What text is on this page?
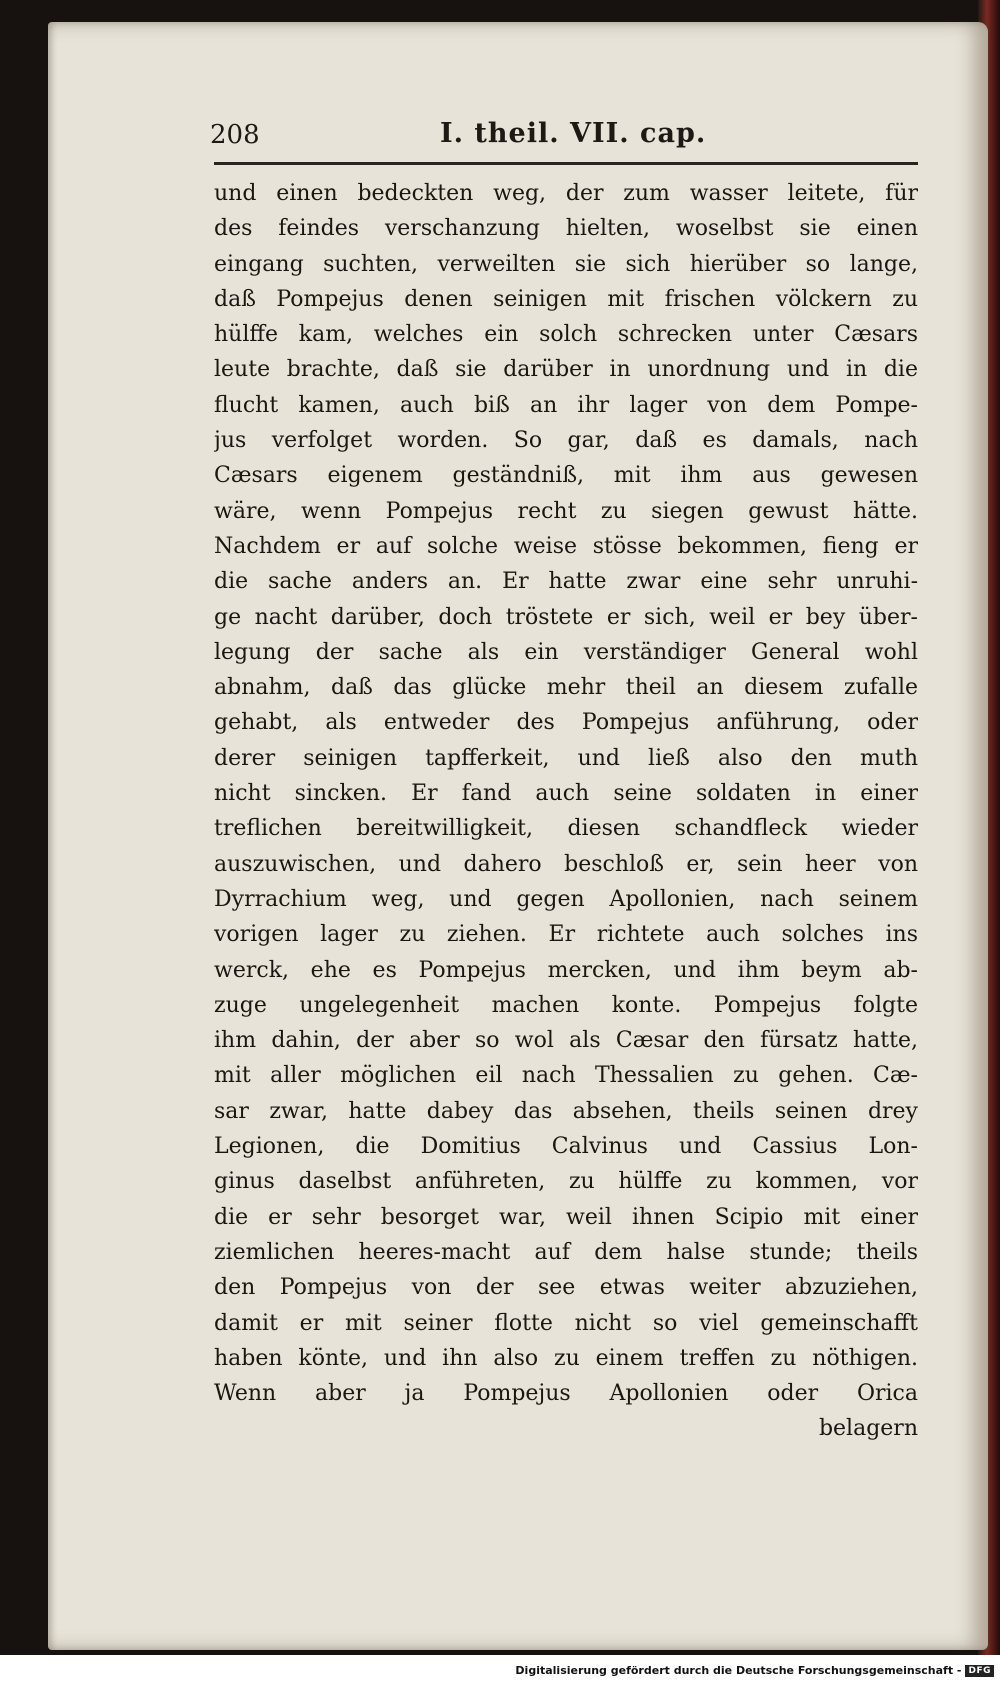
208	I. theil. VII. cap.
und einen bedeckten weg, der zum wasser leitete, für
des feindes verschanzung hielten, woselbst sie einen
eingang suchten, verweilten sie sich hierüber so lange,
daß Pompejus denen seinigen mit frischen völckern zu
hülffe kam, welches ein solch schrecken unter Cæsars
leute brachte, daß sie darüber in unordnung und in die
flucht kamen, auch biß an ihr lager von dem Pompe-
jus verfolget worden. So gar, daß es damals, nach
Cæsars eigenem geständniß, mit ihm aus gewesen
wäre, wenn Pompejus recht zu siegen gewust hätte.
Nachdem er auf solche weise stösse bekommen, fieng er
die sache anders an. Er hatte zwar eine sehr unruhi-
ge nacht darüber, doch tröstete er sich, weil er bey über-
legung der sache als ein verständiger General wohl
abnahm, daß das glücke mehr theil an diesem zufalle
gehabt, als entweder des Pompejus anführung, oder
derer seinigen tapfferkeit, und ließ also den muth
nicht sincken. Er fand auch seine soldaten in einer
treflichen bereitwilligkeit, diesen schandfleck wieder
auszuwischen, und dahero beschloß er, sein heer von
Dyrrachium weg, und gegen Apollonien, nach seinem
vorigen lager zu ziehen. Er richtete auch solches ins
werck, ehe es Pompejus mercken, und ihm beym ab-
zuge ungelegenheit machen konte. Pompejus folgte
ihm dahin, der aber so wol als Cæsar den fürsatz hatte,
mit aller möglichen eil nach Thessalien zu gehen. Cæ-
sar zwar, hatte dabey das absehen, theils seinen drey
Legionen, die Domitius Calvinus und Cassius Lon-
ginus daselbst anführeten, zu hülffe zu kommen, vor
die er sehr besorget war, weil ihnen Scipio mit einer
ziemlichen heeres-macht auf dem halse stunde; theils
den Pompejus von der see etwas weiter abzuziehen,
damit er mit seiner flotte nicht so viel gemeinschafft
haben könte, und ihn also zu einem treffen zu nöthigen.
Wenn aber ja Pompejus Apollonien oder Orica
belagern
Digitalisierung gefördert durch die Deutsche Forschungsgemeinschaft - DFG
